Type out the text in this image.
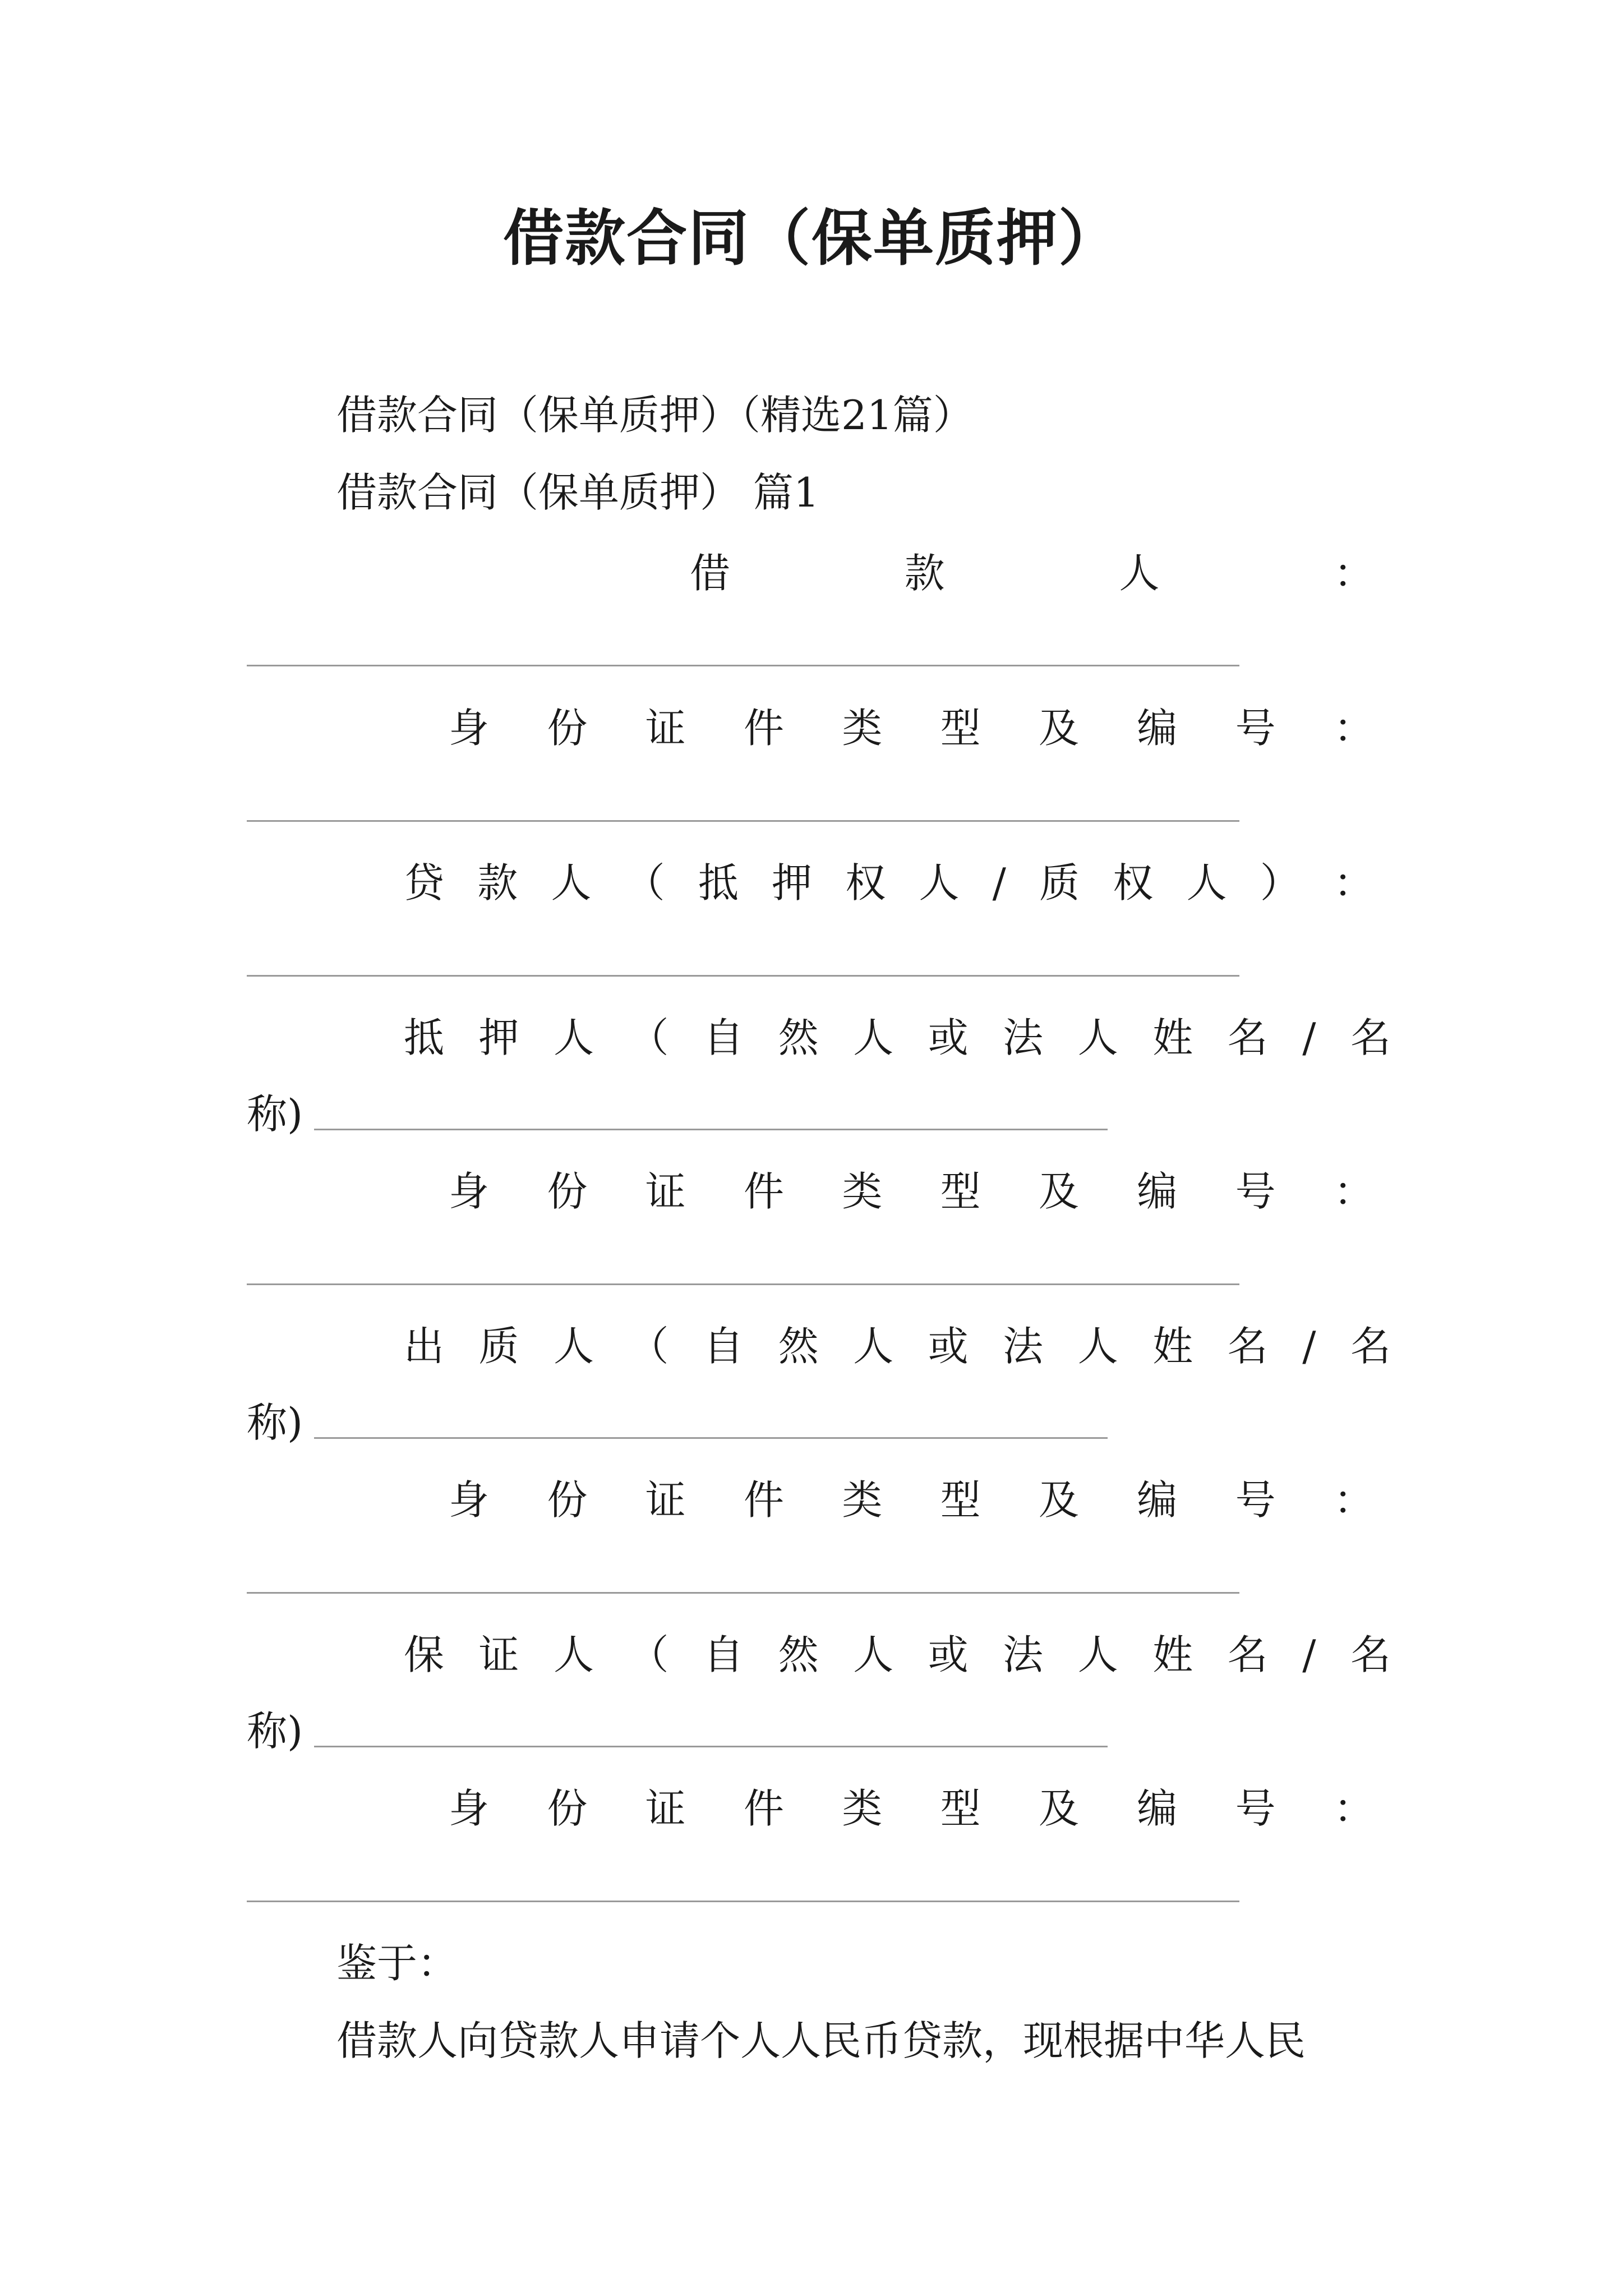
借款合同（保单质押）
借款合同（保单质押）（精选21篇）
借款合同（保单质押） 篇1
借	款	人	：
身 份 证 件 类 型 及 编 号 ：
贷 款 人 （ 抵 押 权 人 / 质 权 人 ） ：
抵 押 人 （ 自 然 人 或 法 人 姓 名 / 名
称)
身 份 证 件 类 型 及 编 号 ：
出 质 人 （ 自 然 人 或 法 人 姓 名 / 名
称)
身 份 证 件 类 型 及 编 号 ：
保 证 人 （ 自 然 人 或 法 人 姓 名 / 名
称)
身 份 证 件 类 型 及 编 号 ：
鉴于：
借款人向贷款人申请个人人民币贷款，现根据中华人民
